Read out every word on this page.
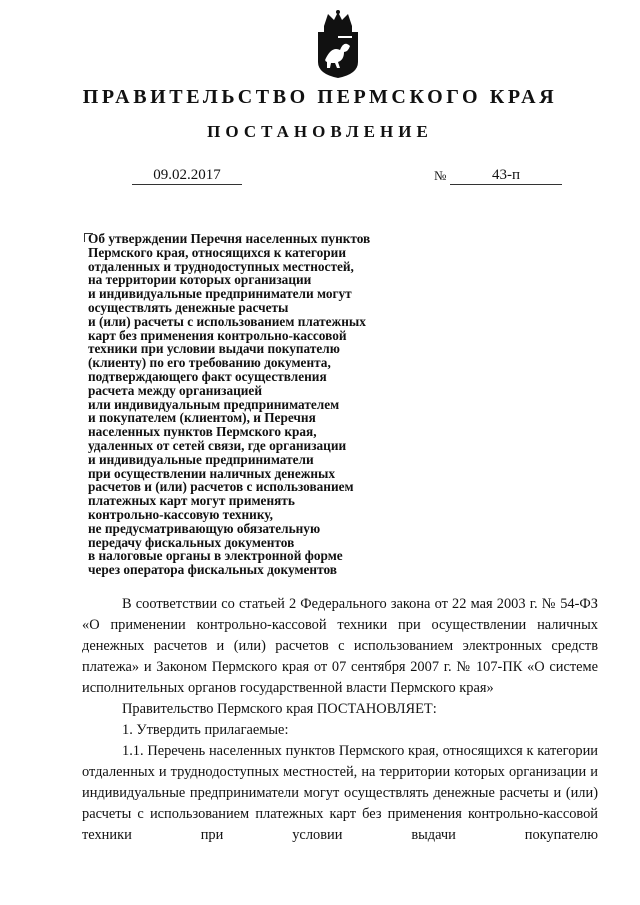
ПРАВИТЕЛЬСТВО ПЕРМСКОГО КРАЯ
ПОСТАНОВЛЕНИЕ
09.02.2017	№	43-п
Об утверждении Перечня населенных пунктов
Пермского края, относящихся к категории
отдаленных и труднодоступных местностей,
на территории которых организации
и индивидуальные предприниматели могут
осуществлять денежные расчеты
и (или) расчеты с использованием платежных
карт без применения контрольно-кассовой
техники при условии выдачи покупателю
(клиенту) по его требованию документа,
подтверждающего факт осуществления
расчета между организацией
или индивидуальным предпринимателем
и покупателем (клиентом), и Перечня
населенных пунктов Пермского края,
удаленных от сетей связи, где организации
и индивидуальные предприниматели
при осуществлении наличных денежных
расчетов и (или) расчетов с использованием
платежных карт могут применять
контрольно-кассовую технику,
не предусматривающую обязательную
передачу фискальных документов
в налоговые органы в электронной форме
через оператора фискальных документов

В соответствии со статьей 2 Федерального закона от 22 мая 2003 г. № 54-ФЗ «О применении контрольно-кассовой техники при осуществлении наличных денежных расчетов и (или) расчетов с использованием электронных средств платежа» и Законом Пермского края от 07 сентября 2007 г. № 107-ПК «О системе исполнительных органов государственной власти Пермского края»

Правительство Пермского края ПОСТАНОВЛЯЕТ:

1. Утвердить прилагаемые:

1.1. Перечень населенных пунктов Пермского края, относящихся к категории отдаленных и труднодоступных местностей, на территории которых организации и индивидуальные предприниматели могут осуществлять денежные расчеты и (или) расчеты с использованием платежных карт без применения контрольно-кассовой техники при условии выдачи покупателю
